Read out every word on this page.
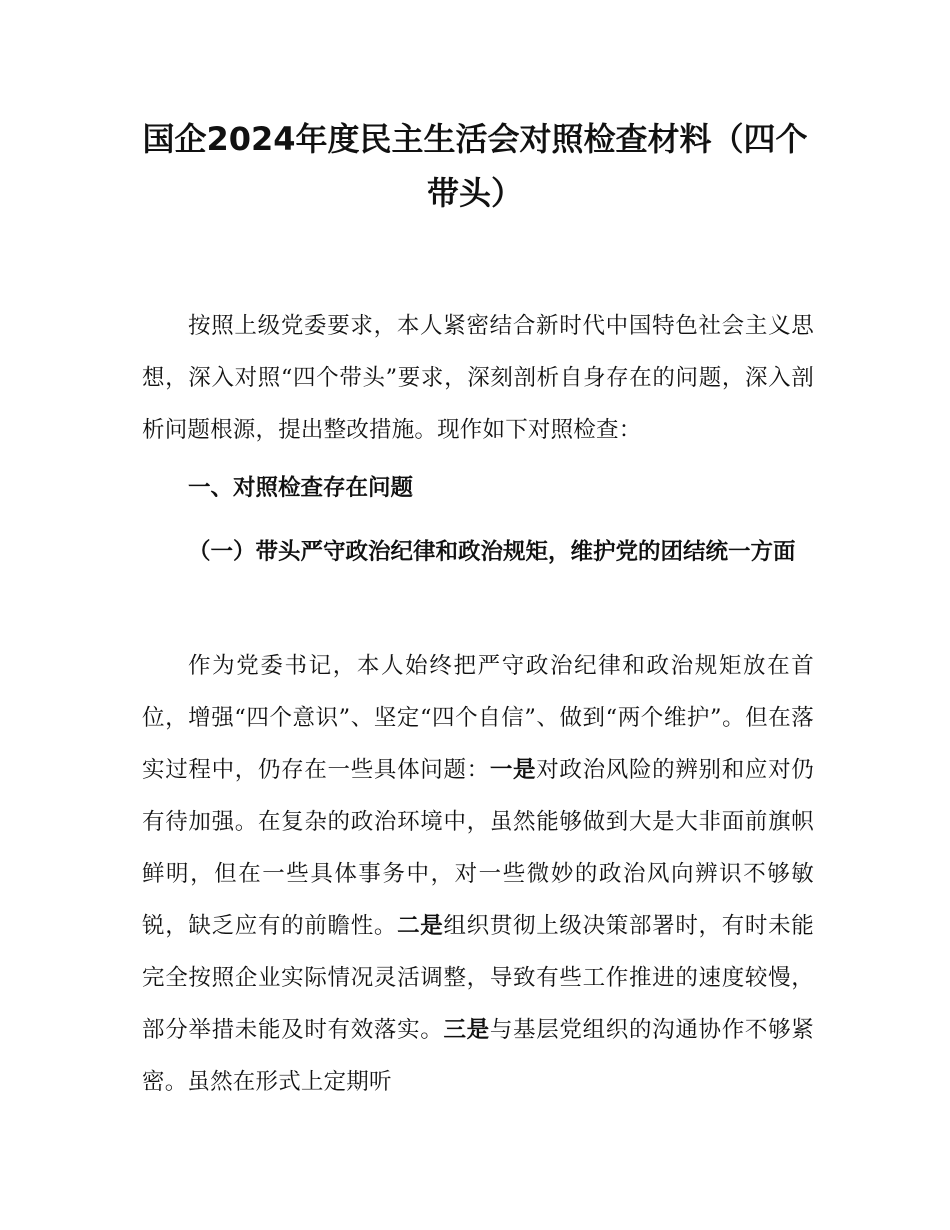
国企2024年度民主生活会对照检查材料（四个带头）

按照上级党委要求，本人紧密结合新时代中国特色社会主义思想，深入对照“四个带头”要求，深刻剖析自身存在的问题，深入剖析问题根源，提出整改措施。现作如下对照检查：

一、对照检查存在问题
（一）带头严守政治纪律和政治规矩，维护党的团结统一方面

作为党委书记，本人始终把严守政治纪律和政治规矩放在首位，增强“四个意识”、坚定“四个自信”、做到“两个维护”。但在落实过程中，仍存在一些具体问题：一是对政治风险的辨别和应对仍有待加强。在复杂的政治环境中，虽然能够做到大是大非面前旗帜鲜明，但在一些具体事务中，对一些微妙的政治风向辨识不够敏锐，缺乏应有的前瞻性。二是组织贯彻上级决策部署时，有时未能完全按照企业实际情况灵活调整，导致有些工作推进的速度较慢，部分举措未能及时有效落实。三是与基层党组织的沟通协作不够紧密。虽然在形式上定期听
